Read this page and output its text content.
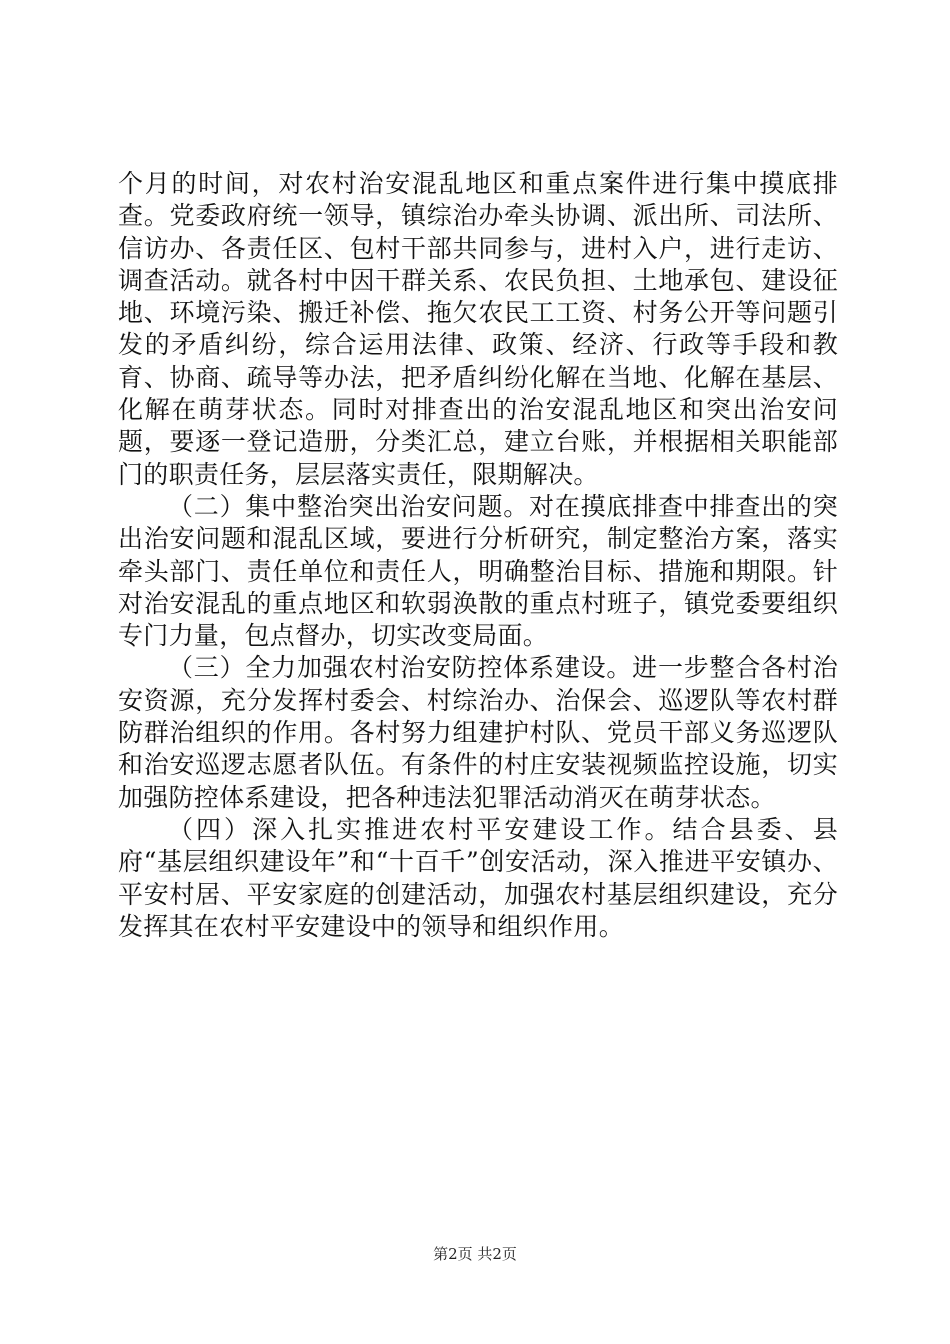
个月的时间，对农村治安混乱地区和重点案件进行集中摸底排查。党委政府统一领导，镇综治办牵头协调、派出所、司法所、信访办、各责任区、包村干部共同参与，进村入户，进行走访、调查活动。就各村中因干群关系、农民负担、土地承包、建设征地、环境污染、搬迁补偿、拖欠农民工工资、村务公开等问题引发的矛盾纠纷，综合运用法律、政策、经济、行政等手段和教育、协商、疏导等办法，把矛盾纠纷化解在当地、化解在基层、化解在萌芽状态。同时对排查出的治安混乱地区和突出治安问题，要逐一登记造册，分类汇总，建立台账，并根据相关职能部门的职责任务，层层落实责任，限期解决。

（二）集中整治突出治安问题。对在摸底排查中排查出的突出治安问题和混乱区域，要进行分析研究，制定整治方案，落实牵头部门、责任单位和责任人，明确整治目标、措施和期限。针对治安混乱的重点地区和软弱涣散的重点村班子，镇党委要组织专门力量，包点督办，切实改变局面。

（三）全力加强农村治安防控体系建设。进一步整合各村治安资源，充分发挥村委会、村综治办、治保会、巡逻队等农村群防群治组织的作用。各村努力组建护村队、党员干部义务巡逻队和治安巡逻志愿者队伍。有条件的村庄安装视频监控设施，切实加强防控体系建设，把各种违法犯罪活动消灭在萌芽状态。

（四）深入扎实推进农村平安建设工作。结合县委、县府“基层组织建设年”和“十百千”创安活动，深入推进平安镇办、平安村居、平安家庭的创建活动，加强农村基层组织建设，充分发挥其在农村平安建设中的领导和组织作用。

第2页 共2页
